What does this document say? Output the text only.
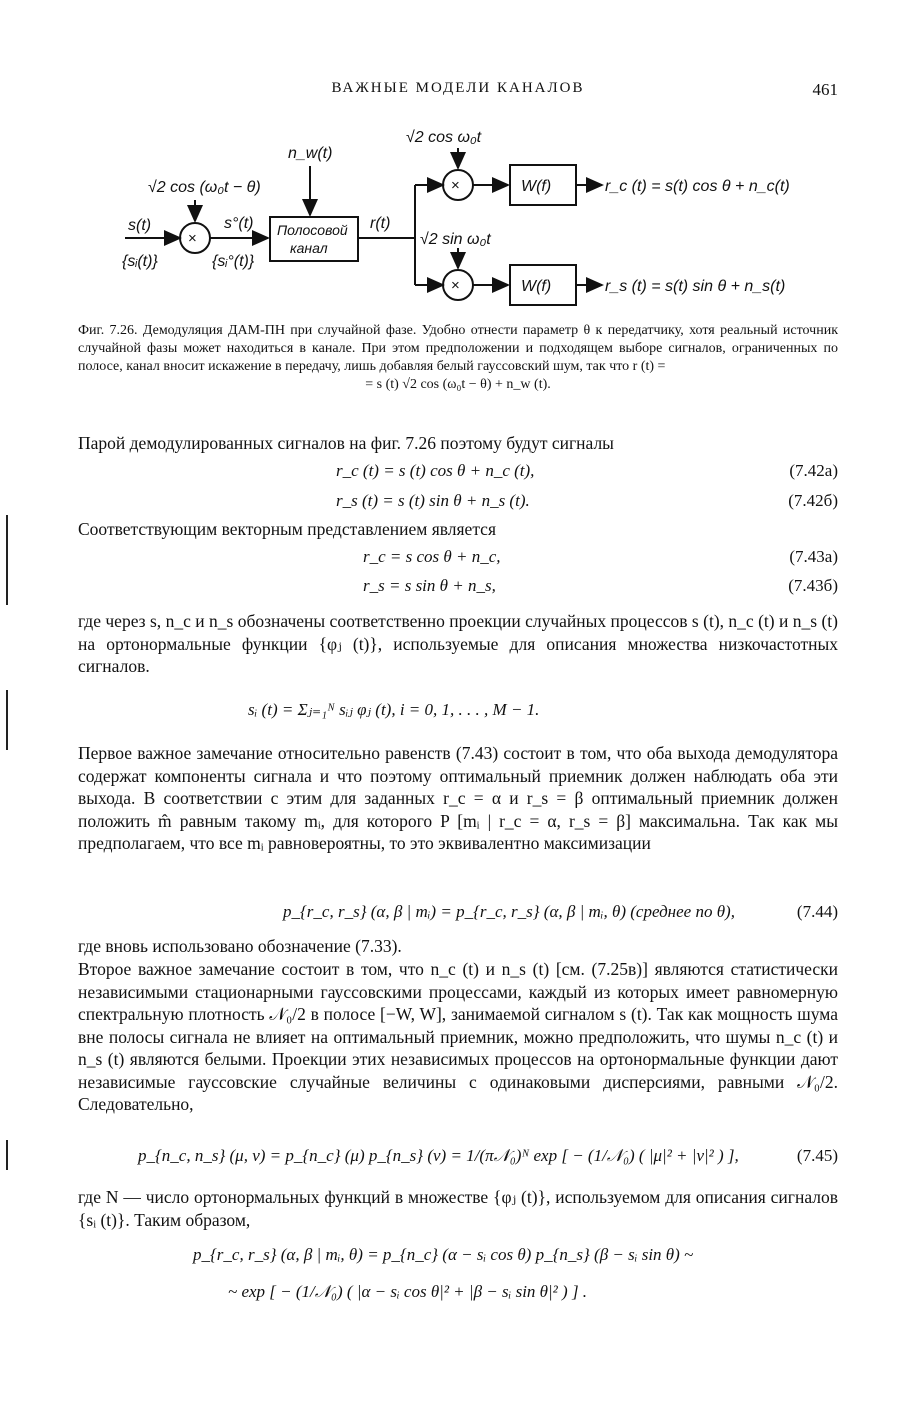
ВАЖНЫЕ МОДЕЛИ КАНАЛОВ	461
s(t)
{sᵢ(t)}
√2 cos (ω₀t − θ)
s°(t)
{sᵢ°(t)}
n_w(t)
Полосовой
канал
r(t)
√2 cos ω₀t
√2 sin ω₀t
×
×
×
W(f)
W(f)
r_c (t) = s(t) cos θ + n_c(t)
r_s (t) = s(t) sin θ + n_s(t)
Фиг. 7.26. Демодуляция ДАМ-ПН при случайной фазе. Удобно отнести параметр θ к передатчику, хотя реальный источник случайной фазы может находиться в канале. При этом предположении и подходящем выборе сигналов, ограниченных по полосе, канал вносит искажение в передачу, лишь добавляя белый гауссовский шум, так что r (t) =
= s (t) √2 cos (ω₀t − θ) + n_w (t).
Парой демодулированных сигналов на фиг. 7.26 поэтому будут сигналы
r_c (t) = s (t) cos θ + n_c (t),	(7.42а)
r_s (t) = s (t) sin θ + n_s (t).	(7.42б)
Соответствующим векторным представлением является
r_c = s cos θ + n_c,	(7.43а)
r_s = s sin θ + n_s,	(7.43б)
где через s, n_c и n_s обозначены соответственно проекции случайных процессов s (t), n_c (t) и n_s (t) на ортонормальные функции {φⱼ (t)}, используемые для описания множества низкочастотных сигналов.
sᵢ (t) = Σⱼ₌₁ᴺ sᵢⱼ φⱼ (t), i = 0, 1, . . . , M − 1.
Первое важное замечание относительно равенств (7.43) состоит в том, что оба выхода демодулятора содержат компоненты сигнала и что поэтому оптимальный приемник должен наблюдать оба эти выхода. В соответствии с этим для заданных r_c = α и r_s = β оптимальный приемник должен положить m̂ равным такому mᵢ, для которого P [mᵢ | r_c = α, r_s = β] максимальна. Так как мы предполагаем, что все mᵢ равновероятны, то это эквивалентно максимизации
p_{r_c, r_s} (α, β | mᵢ) = p_{r_c, r_s} (α, β | mᵢ, θ) (среднее по θ),	(7.44)
где вновь использовано обозначение (7.33).
Второе важное замечание состоит в том, что n_c (t) и n_s (t) [см. (7.25в)] являются статистически независимыми стационарными гауссовскими процессами, каждый из которых имеет равномерную спектральную плотность 𝒩₀/2 в полосе [−W, W], занимаемой сигналом s (t). Так как мощность шума вне полосы сигнала не влияет на оптимальный приемник, можно предположить, что шумы n_c (t) и n_s (t) являются белыми. Проекции этих независимых процессов на ортонормальные функции дают независимые гауссовские случайные величины с одинаковыми дисперсиями, равными 𝒩₀/2. Следовательно,
p_{n_c, n_s} (μ, ν) = p_{n_c} (μ) p_{n_s} (ν) = 1/(π𝒩₀)ᴺ exp [ − (1/𝒩₀) ( |μ|² + |ν|² ) ],	(7.45)
где N — число ортонормальных функций в множестве {φⱼ (t)}, используемом для описания сигналов {sᵢ (t)}. Таким образом,
p_{r_c, r_s} (α, β | mᵢ, θ) = p_{n_c} (α − sᵢ cos θ) p_{n_s} (β − sᵢ sin θ) ~
~ exp [ − (1/𝒩₀) ( |α − sᵢ cos θ|² + |β − sᵢ sin θ|² ) ] .
